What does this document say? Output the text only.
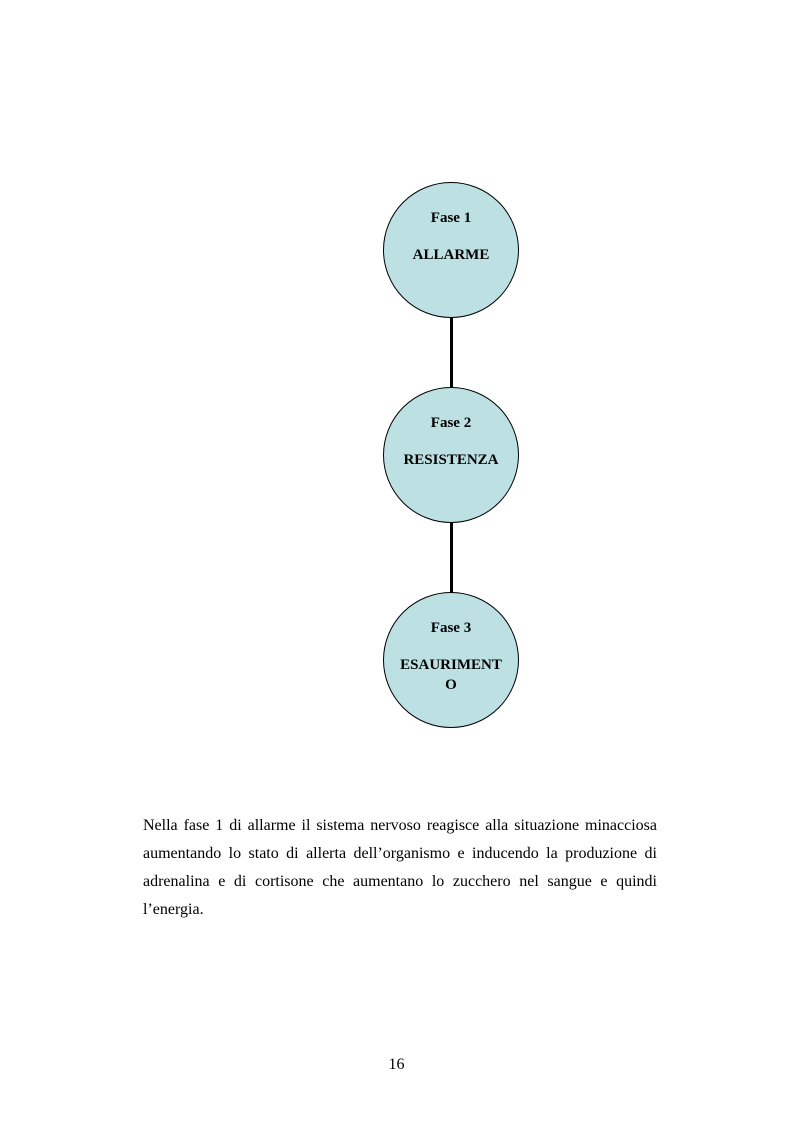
Fase 1
ALLARME
Fase 2
RESISTENZA
Fase 3
ESAURIMENTO

Nella fase 1 di allarme il sistema nervoso reagisce alla situazione minacciosa aumentando lo stato di allerta dell’organismo e inducendo la produzione di adrenalina e di cortisone che aumentano lo zucchero nel sangue e quindi l’energia.

16
